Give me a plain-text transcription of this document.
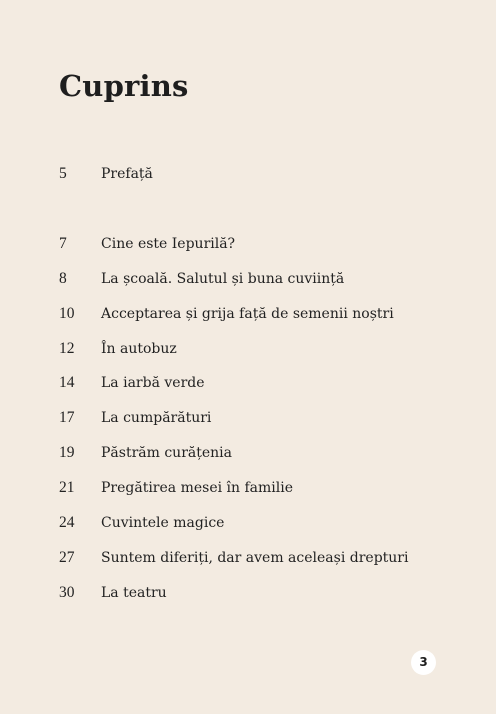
Cuprins
5 Prefață
7 Cine este Iepurilă?
8 La școală. Salutul și buna cuviință
10 Acceptarea și grija față de semenii noștri
12 În autobuz
14 La iarbă verde
17 La cumpărături
19 Păstrăm curățenia
21 Pregătirea mesei în familie
24 Cuvintele magice
27 Suntem diferiți, dar avem aceleași drepturi
30 La teatru
3
